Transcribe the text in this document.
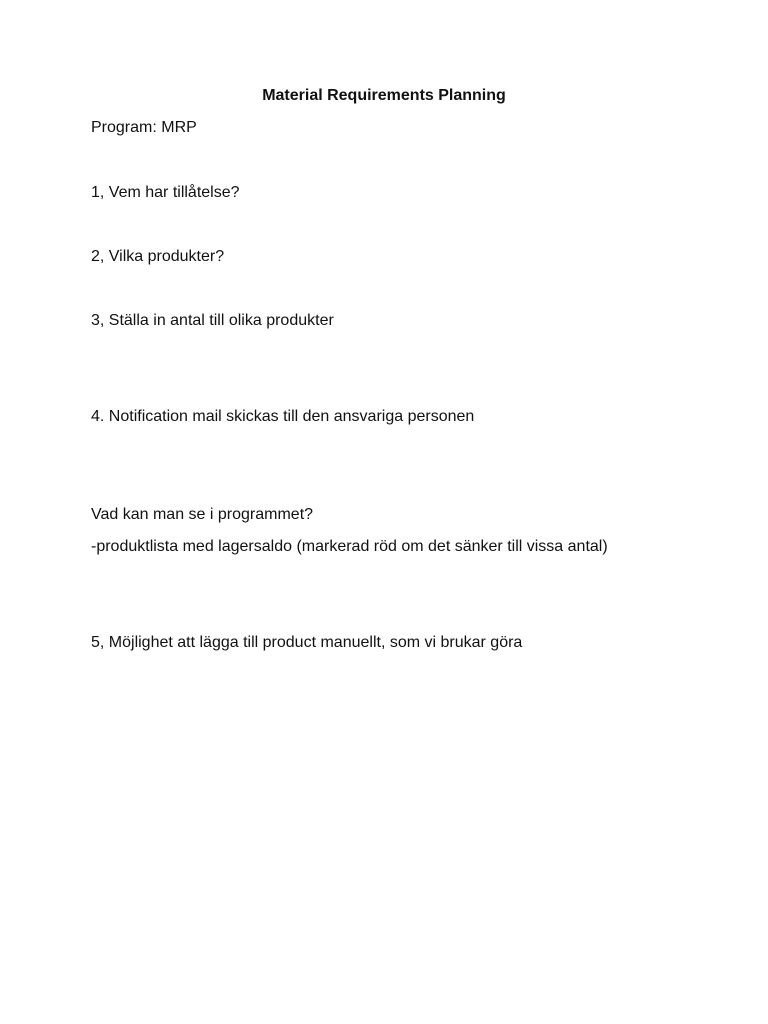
Material Requirements Planning
Program: MRP
1, Vem har tillåtelse?
2, Vilka produkter?
3, Ställa in antal till olika produkter
4. Notification mail skickas till den ansvariga personen
Vad kan man se i programmet?
-produktlista med lagersaldo (markerad röd om det sänker till vissa antal)
5, Möjlighet att lägga till product manuellt, som vi brukar göra
